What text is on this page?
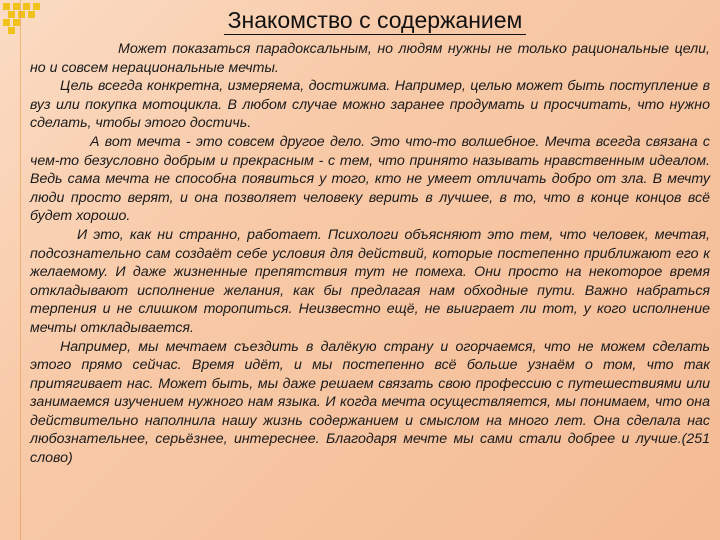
Знакомство с содержанием

Может показаться парадоксальным, но людям нужны не только рациональные цели, но и совсем нерациональные мечты.

Цель всегда конкретна, измеряема, достижима. Например, целью может быть поступление в вуз или покупка мотоцикла. В любом случае можно заранее продумать и просчитать, что нужно сделать, чтобы этого достичь.

А вот мечта - это совсем другое дело. Это что-то волшебное. Мечта всегда связана с чем-то безусловно добрым и прекрасным - с тем, что принято называть нравственным идеалом. Ведь сама мечта не способна появиться у того, кто не умеет отличать добро от зла. В мечту люди просто верят, и она позволяет человеку верить в лучшее, в то, что в конце концов всё будет хорошо.

И это, как ни странно, работает. Психологи объясняют это тем, что человек, мечтая, подсознательно сам создаёт себе условия для действий, которые постепенно приближают его к желаемому. И даже жизненные препятствия тут не помеха. Они просто на некоторое время откладывают исполнение желания, как бы предлагая нам обходные пути. Важно набраться терпения и не слишком торопиться. Неизвестно ещё, не выиграет ли тот, у кого исполнение мечты откладывается.

Например, мы мечтаем съездить в далёкую страну и огорчаемся, что не можем сделать этого прямо сейчас. Время идёт, и мы постепенно всё больше узнаём о том, что так притягивает нас. Может быть, мы даже решаем связать свою профессию с путешествиями или занимаемся изучением нужного нам языка. И когда мечта осуществляется, мы понимаем, что она действительно наполнила нашу жизнь содержанием и смыслом на много лет. Она сделала нас любознательнее, серьёзнее, интереснее. Благодаря мечте мы сами стали добрее и лучше.(251 слово)
